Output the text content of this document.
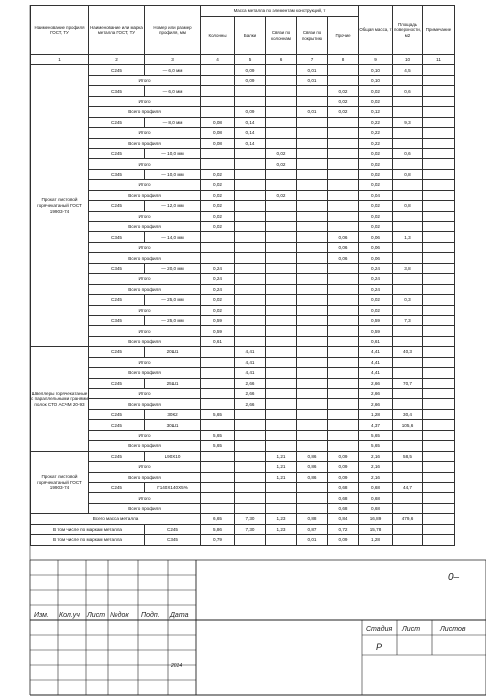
Наименование профиля ГОСТ, ТУ	Наименование или марка металла ГОСТ, ТУ	Номер или размер профиля, мм	Масса металла по элементам конструкций, т					Общая масса, т	Площадь поверхности, м2	Примечание
			Колонны	Балки	Связи по колоннам	Связи по покрытию	Прочие			
1	2	3	4	5	6	7	8	9	10	11
Прокат листовой горячекатаный ГОСТ 19903-74	С245	— 6,0 мм		0,09		0,01		0,10	4,5	
	Итого			0,09		0,01		0,10		
	С345	— 6,0 мм					0,02	0,02	0,6	
	Итого						0,02	0,02		
	Всего профиля			0,09		0,01	0,02	0,12		
	С245	— 8,0 мм	0,08	0,14				0,22	9,3	
	Итого		0,08	0,14				0,22		
	Всего профиля		0,08	0,14				0,22		
	С245	— 10,0 мм			0,02			0,02	0,6	
	Итого				0,02			0,02		
	С345	— 10,0 мм	0,02					0,02	0,8	
	Итого		0,02					0,02		
	Всего профиля		0,02		0,02			0,04		
	С245	— 12,0 мм	0,02					0,02	0,8	
	Итого		0,02					0,02		
	Всего профиля		0,02					0,02		
	С345	— 14,0 мм					0,06	0,06	1,3	
	Итого						0,06	0,06		
	Всего профиля						0,06	0,06		
	С345	— 20,0 мм	0,24					0,24	3,8	
	Итого		0,24					0,24		
	Всего профиля		0,24					0,24		
	С245	— 25,0 мм	0,02					0,02	0,3	
	Итого		0,02					0,02		
	С345	— 25,0 мм	0,59					0,59	7,3	
	Итого		0,59					0,59		
	Всего профиля		0,61					0,61		
Швеллеры горячекатаные с параллельными гранями полок СТО АСЧМ 20-93	С245	20Ш1		4,41				4,41	40,3	
	Итого			4,41				4,41		
	Всего профиля			4,41				4,41		
	С245	25Ш1		2,66				2,66	70,7	
	Итого			2,66				2,66		
	Всего профиля			2,66				2,66		
	С245	30К2	5,65					1,28	30,4	
	С245	30Ш1						4,37	105,6	
	Итого		5,65					5,65		
	Всего профиля		5,65					5,65		
Прокат листовой горячекатаный ГОСТ 19903-74	С245	L90X10			1,21	0,86	0,09	2,16	58,5	
	Итого				1,21	0,86	0,09	2,16		
	Всего профиля				1,21	0,86	0,09	2,16		
	С245	Г140Х140Х5%					0,68	0,68	44,7	
	Итого						0,68	0,68		
	Всего профиля						0,68	0,68		
Всего масса металла			6,65	7,30	1,23	0,88	0,84	16,89	479,6	
В том числе по маркам металла		С245	5,86	7,30	1,23	0,87	0,72	15,78		
В том числе по маркам металла		С345	0,79			0,01	0,09	1,28		
0–
Изм. Кол.уч Лист №док Подп. Дата
Стадия Лист	Листов
Р
2014
